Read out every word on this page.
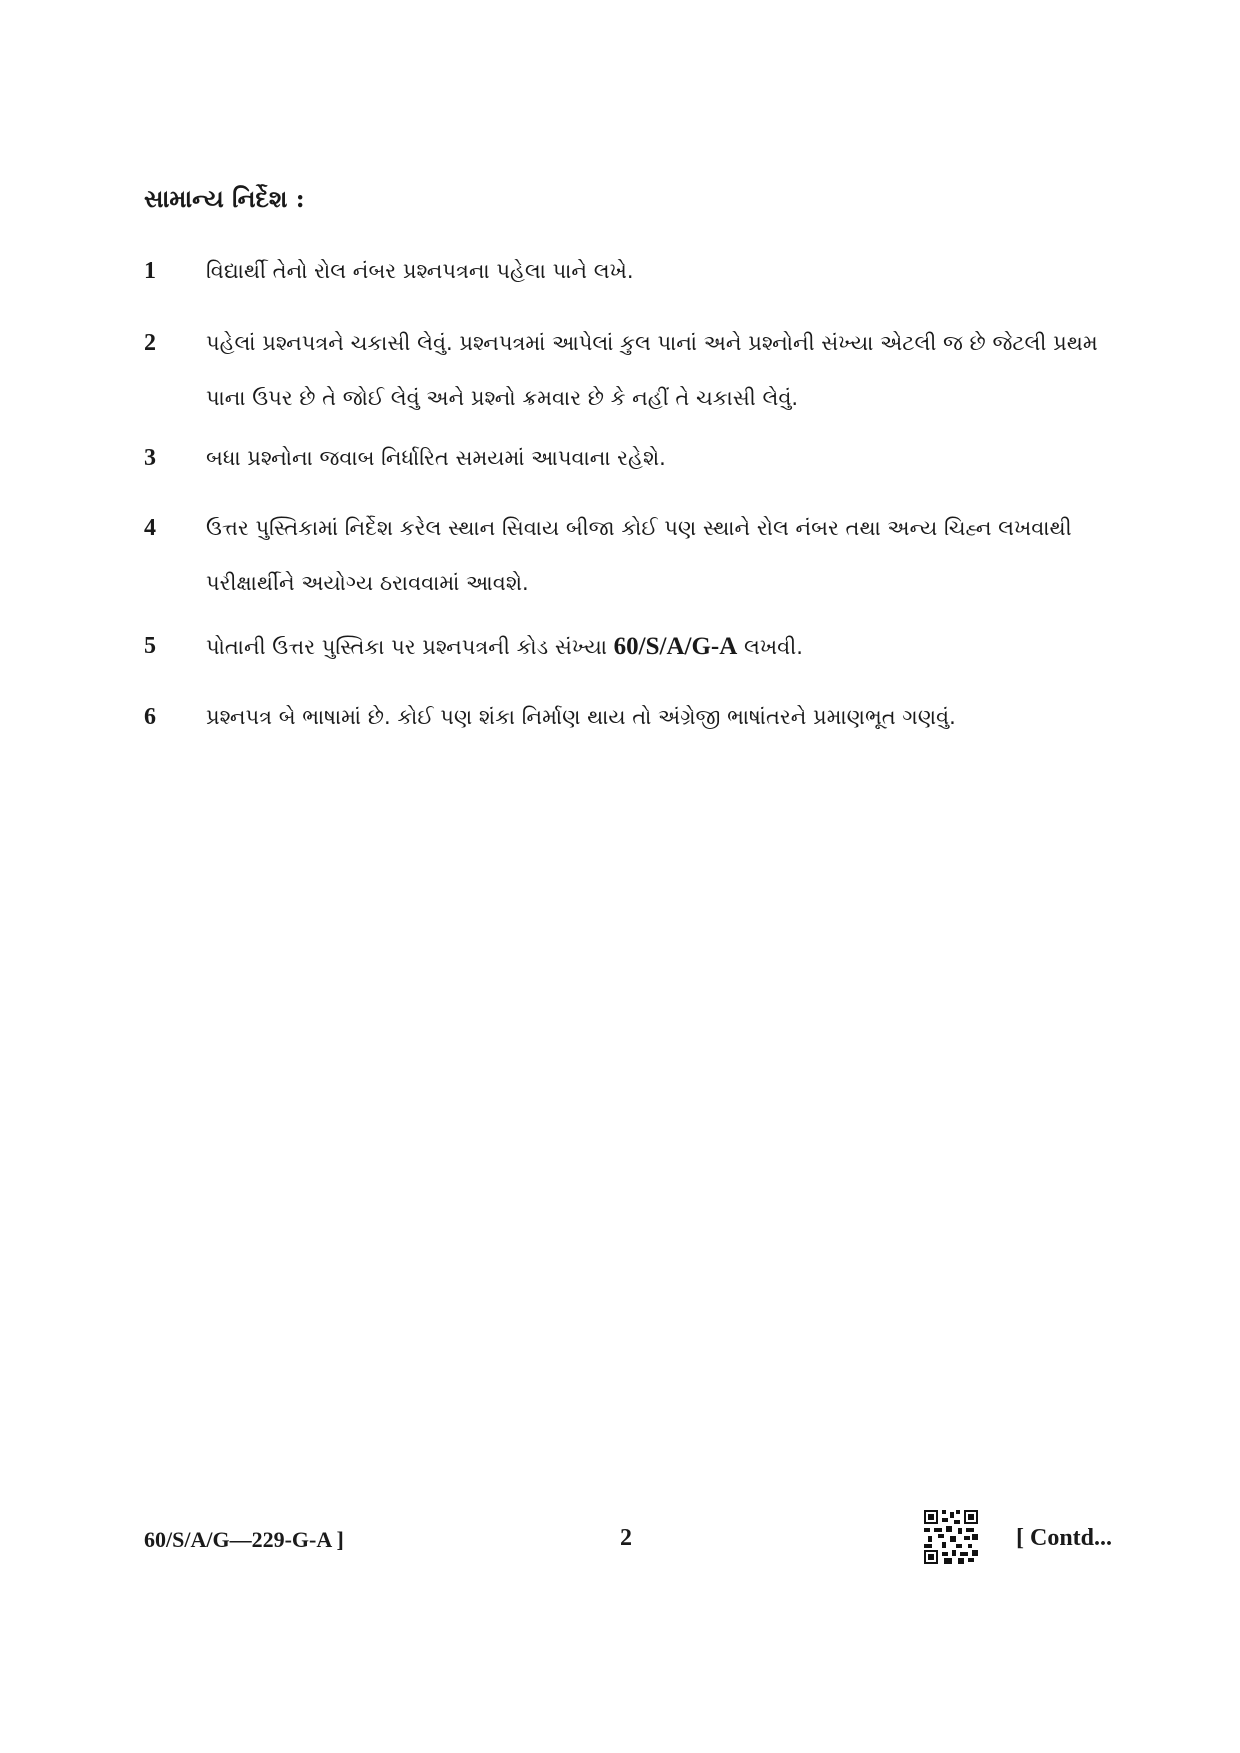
સામાન્ય નિર્દેશ :
1	વિદ્યાર્થી તેનો રોલ નંબર પ્રશ્નપત્રના પહેલા પાને લખે.
2	પહેલાં પ્રશ્નપત્રને ચકાસી લેવું. પ્રશ્નપત્રમાં આપેલાં કુલ પાનાં અને પ્રશ્નોની સંખ્યા એટલી જ છે જેટલી પ્રથમ પાના ઉપર છે તે જોઈ લેવું અને પ્રશ્નો ક્રમવાર છે કે નહીં તે ચકાસી લેવું.
3	બધા પ્રશ્નોના જવાબ નિર્ધારિત સમયમાં આપવાના રહેશે.
4	ઉત્તર પુસ્તિકામાં નિર્દેશ કરેલ સ્થાન સિવાય બીજા કોઈ પણ સ્થાને રોલ નંબર તથા અન્ય ચિહ્ન લખવાથી પરીક્ષાર્થીને અયોગ્ય ઠરાવવામાં આવશે.
5	પોતાની ઉત્તર પુસ્તિકા પર પ્રશ્નપત્રની કોડ સંખ્યા 60/S/A/G-A લખવી.
6	પ્રશ્નપત્ર બે ભાષામાં છે. કોઈ પણ શંકા નિર્માણ થાય તો અંગ્રેજી ભાષાંતરને પ્રમાણભૂત ગણવું.
60/S/A/G—229-G-A ]	2	[ Contd...
